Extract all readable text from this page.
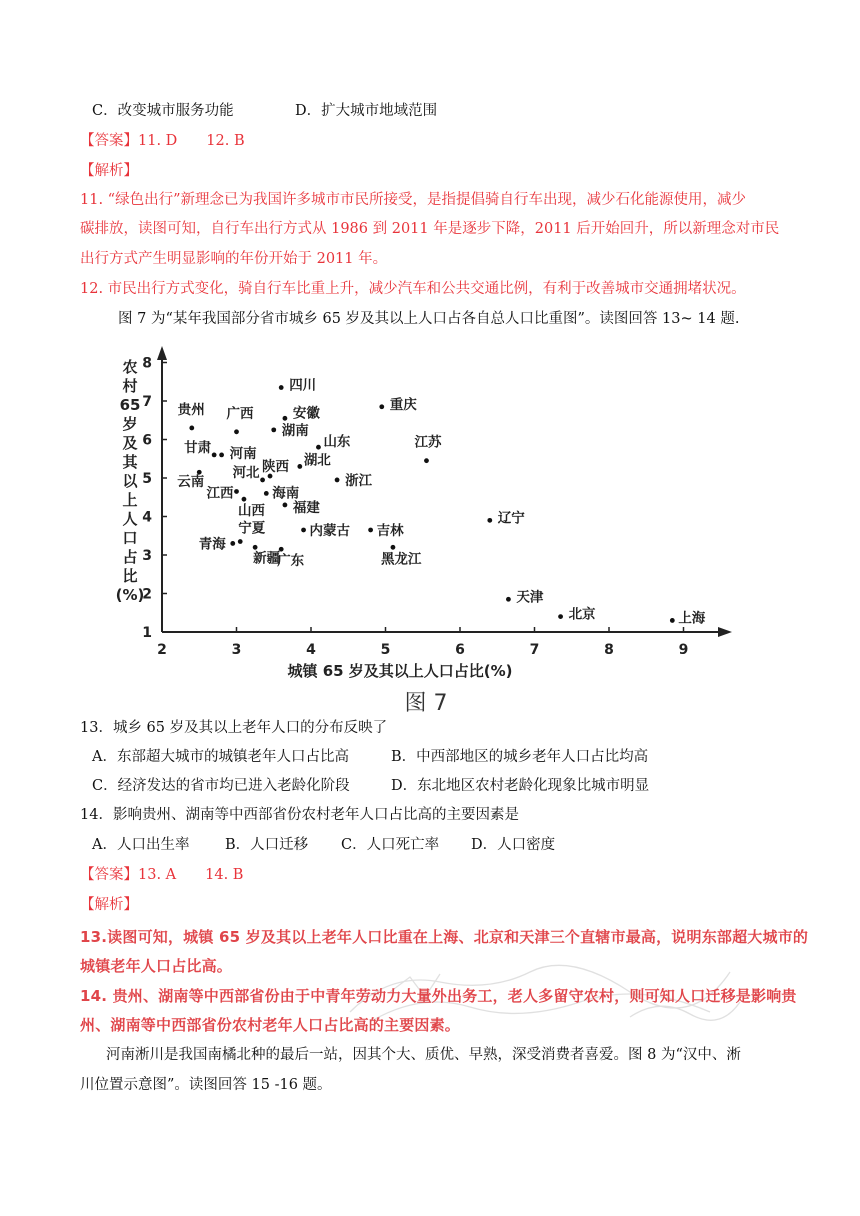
C．改变城市服务功能	D．扩大城市地域范围
【答案】11. D　　12. B
【解析】
11. “绿色出行”新理念已为我国许多城市市民所接受，是指提倡骑自行车出现，减少石化能源使用，减少
碳排放，读图可知，自行车出行方式从 1986 到 2011 年是逐步下降，2011 后开始回升，所以新理念对市民
出行方式产生明显影响的年份开始于 2011 年。
12. 市民出行方式变化，骑自行车比重上升，减少汽车和公共交通比例，有利于改善城市交通拥堵状况。
图 7 为“某年我国部分省市城乡 65 岁及其以上人口占各自总人口比重图”。读图回答 13~ 14 题.
2	3	4	5	6	7	8	9
1
2
3
4
5
6
7
8
农村 65 岁及其以上人口占比(%)
城镇 65 岁及其以上人口占比(%)
图 7
四川
重庆
贵州 广西	安徽
湖南
山东	江苏
甘肃 河南	湖北
陕西
云南
河北	浙江
江西	海南
山西 福建
辽宁
宁夏	内蒙古 吉林
青海
新疆
广东	黑龙江
天津
北京	上海
13．城乡 65 岁及其以上老年人口的分布反映了
A．东部超大城市的城镇老年人口占比高	B．中西部地区的城乡老年人口占比均高
C．经济发达的省市均已进入老龄化阶段	D．东北地区农村老龄化现象比城市明显
14．影响贵州、湖南等中西部省份农村老年人口占比高的主要因素是
A．人口出生率 B．人口迁移 C．人口死亡率 D．人口密度
【答案】13. A　　14. B
【解析】
13.读图可知，城镇 65 岁及其以上老年人口比重在上海、北京和天津三个直辖市最高，说明东部超大城市的
城镇老年人口占比高。
14. 贵州、湖南等中西部省份由于中青年劳动力大量外出务工，老人多留守农村，则可知人口迁移是影响贵
州、湖南等中西部省份农村老年人口占比高的主要因素。
河南淅川是我国南橘北种的最后一站，因其个大、质优、早熟，深受消费者喜爱。图 8 为“汉中、淅
川位置示意图”。读图回答 15 -16 题。
